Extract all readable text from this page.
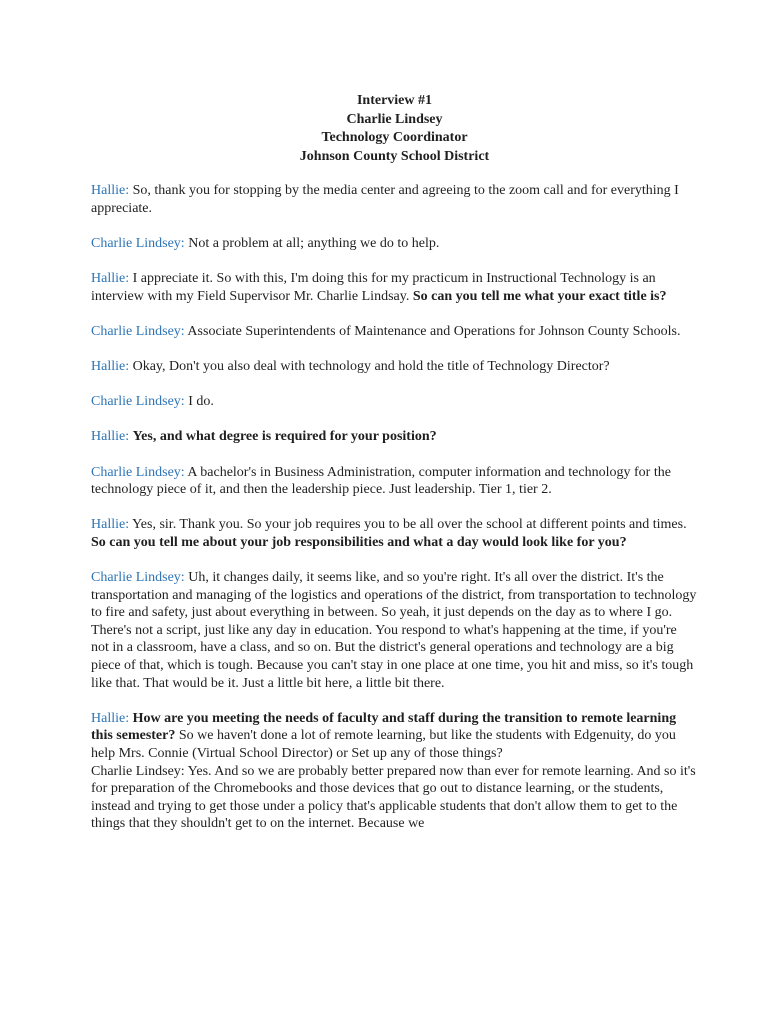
Interview #1
Charlie Lindsey
Technology Coordinator
Johnson County School District

Hallie: So, thank you for stopping by the media center and agreeing to the zoom call and for everything I appreciate.

Charlie Lindsey: Not a problem at all; anything we do to help.

Hallie: I appreciate it. So with this, I'm doing this for my practicum in Instructional Technology is an interview with my Field Supervisor Mr. Charlie Lindsay. So can you tell me what your exact title is?

Charlie Lindsey: Associate Superintendents of Maintenance and Operations for Johnson County Schools.

Hallie: Okay, Don't you also deal with technology and hold the title of Technology Director?

Charlie Lindsey: I do.

Hallie: Yes, and what degree is required for your position?

Charlie Lindsey: A bachelor's in Business Administration, computer information and technology for the technology piece of it, and then the leadership piece. Just leadership. Tier 1, tier 2.

Hallie: Yes, sir. Thank you. So your job requires you to be all over the school at different points and times. So can you tell me about your job responsibilities and what a day would look like for you?

Charlie Lindsey: Uh, it changes daily, it seems like, and so you're right. It's all over the district. It's the transportation and managing of the logistics and operations of the district, from transportation to technology to fire and safety, just about everything in between. So yeah, it just depends on the day as to where I go. There's not a script, just like any day in education. You respond to what's happening at the time, if you're not in a classroom, have a class, and so on. But the district's general operations and technology are a big piece of that, which is tough. Because you can't stay in one place at one time, you hit and miss, so it's tough like that. That would be it. Just a little bit here, a little bit there.

Hallie: How are you meeting the needs of faculty and staff during the transition to remote learning this semester? So we haven't done a lot of remote learning, but like the students with Edgenuity, do you help Mrs. Connie (Virtual School Director) or Set up any of those things?

Charlie Lindsey: Yes. And so we are probably better prepared now than ever for remote learning. And so it's for preparation of the Chromebooks and those devices that go out to distance learning, or the students, instead and trying to get those under a policy that's applicable students that don't allow them to get to the things that they shouldn't get to on the internet. Because we
